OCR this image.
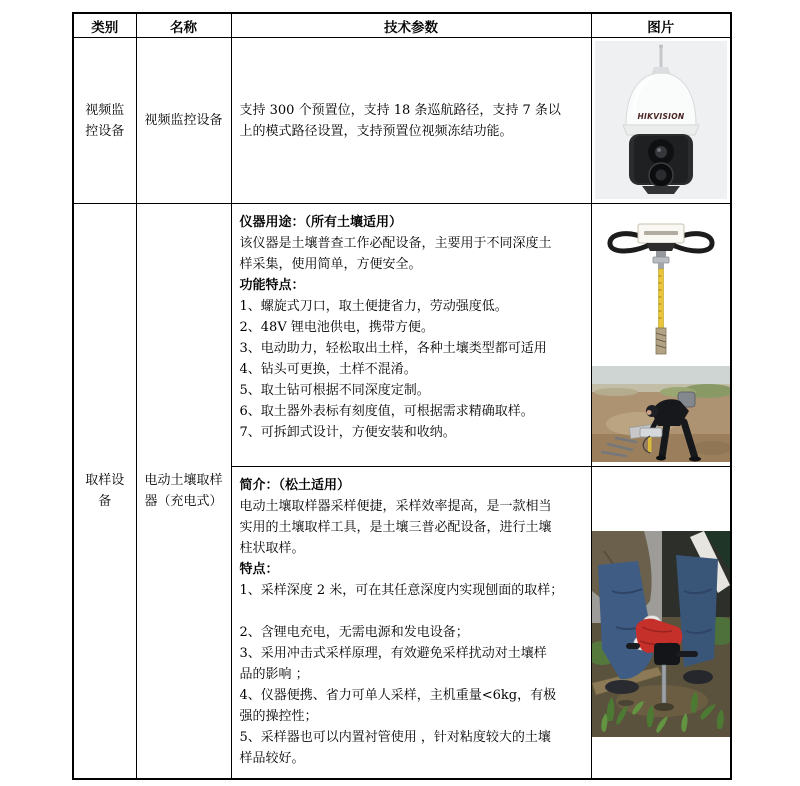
类别	名称	技术参数	图片
视频监控设备	视频监控设备	支持 300 个预置位，支持 18 条巡航路径，支持 7 条以
上的模式路径设置，支持预置位视频冻结功能。	HIKVISION

取样设备	电动土壤取样器（充电式）	
仪器用途：（所有土壤适用）
该仪器是土壤普查工作必配设备，主要用于不同深度土
样采集，使用简单，方便安全。
功能特点：
1、螺旋式刀口，取土便捷省力，劳动强度低。
2、48V 锂电池供电，携带方便。
3、电动助力，轻松取出土样，各种土壤类型都可适用
4、钻头可更换，土样不混淆。
5、取土钻可根据不同深度定制。
6、取土器外表标有刻度值，可根据需求精确取样。
7、可拆卸式设计，方便安装和收纳。

简介：（松土适用）
电动土壤取样器采样便捷，采样效率提高，是一款相当
实用的土壤取样工具，是土壤三普必配设备，进行土壤
柱状取样。
特点：
1、采样深度 2 米，可在其任意深度内实现刨面的取样；

2、含锂电充电，无需电源和发电设备；
3、采用冲击式采样原理，有效避免采样扰动对土壤样
品的影响 ；
4、仪器便携、省力可单人采样，主机重量<6kg，有极
强的操控性；
5、采样器也可以内置衬管使用 ，针对粘度较大的土壤
样品较好。
